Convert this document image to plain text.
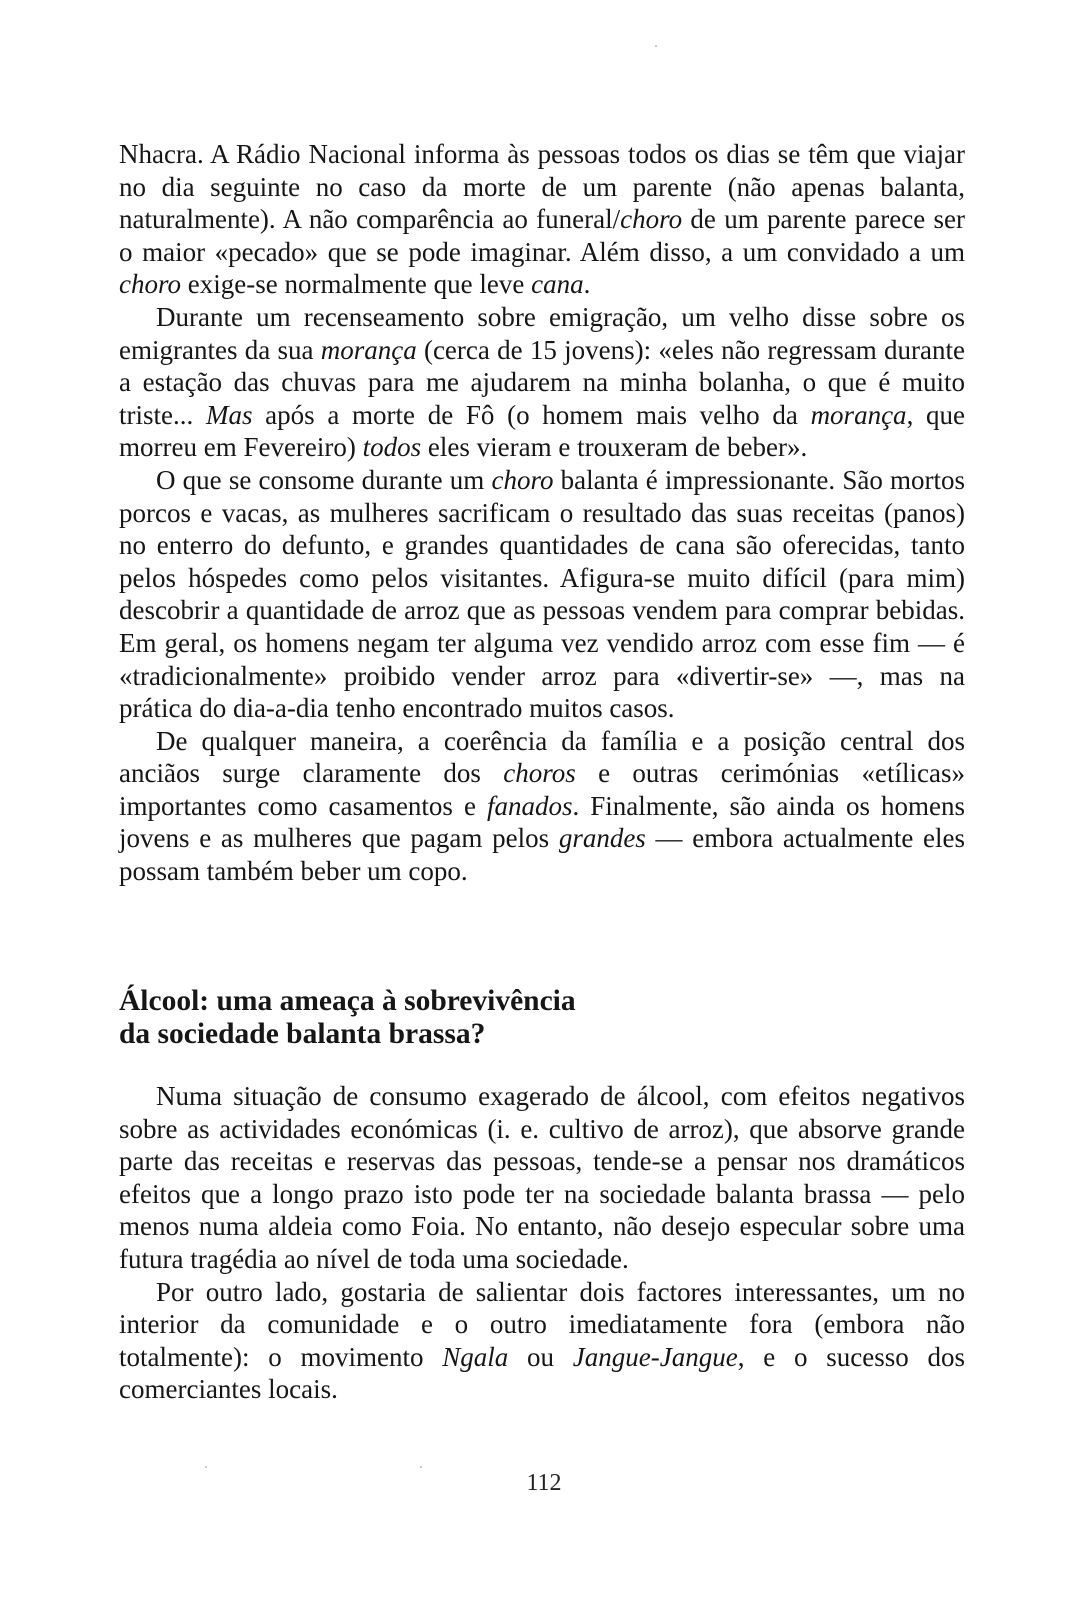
Nhacra. A Rádio Nacional informa às pessoas todos os dias se têm que viajar no dia seguinte no caso da morte de um parente (não apenas balanta, naturalmente). A não comparência ao funeral/choro de um parente parece ser o maior «pecado» que se pode imaginar. Além disso, a um convidado a um choro exige-se normalmente que leve cana.

Durante um recenseamento sobre emigração, um velho disse sobre os emigrantes da sua morança (cerca de 15 jovens): «eles não regressam durante a estação das chuvas para me ajudarem na minha bolanha, o que é muito triste... Mas após a morte de Fô (o homem mais velho da morança, que morreu em Fevereiro) todos eles vieram e trouxeram de beber».

O que se consome durante um choro balanta é impressionante. São mortos porcos e vacas, as mulheres sacrificam o resultado das suas receitas (panos) no enterro do defunto, e grandes quantidades de cana são oferecidas, tanto pelos hóspedes como pelos visitantes. Afigura-se muito difícil (para mim) descobrir a quantidade de arroz que as pessoas vendem para comprar bebidas. Em geral, os homens negam ter alguma vez vendido arroz com esse fim — é «tradicionalmente» proibido vender arroz para «divertir-se» —, mas na prática do dia-a-dia tenho encontrado muitos casos.

De qualquer maneira, a coerência da família e a posição central dos anciãos surge claramente dos choros e outras cerimónias «etílicas» importantes como casamentos e fanados. Finalmente, são ainda os homens jovens e as mulheres que pagam pelos grandes — embora actualmente eles possam também beber um copo.

Álcool: uma ameaça à sobrevivência
da sociedade balanta brassa?

Numa situação de consumo exagerado de álcool, com efeitos negativos sobre as actividades económicas (i. e. cultivo de arroz), que absorve grande parte das receitas e reservas das pessoas, tende-se a pensar nos dramáticos efeitos que a longo prazo isto pode ter na sociedade balanta brassa — pelo menos numa aldeia como Foia. No entanto, não desejo especular sobre uma futura tragédia ao nível de toda uma sociedade.

Por outro lado, gostaria de salientar dois factores interessantes, um no interior da comunidade e o outro imediatamente fora (embora não totalmente): o movimento Ngala ou Jangue-Jangue, e o sucesso dos comerciantes locais.

112
